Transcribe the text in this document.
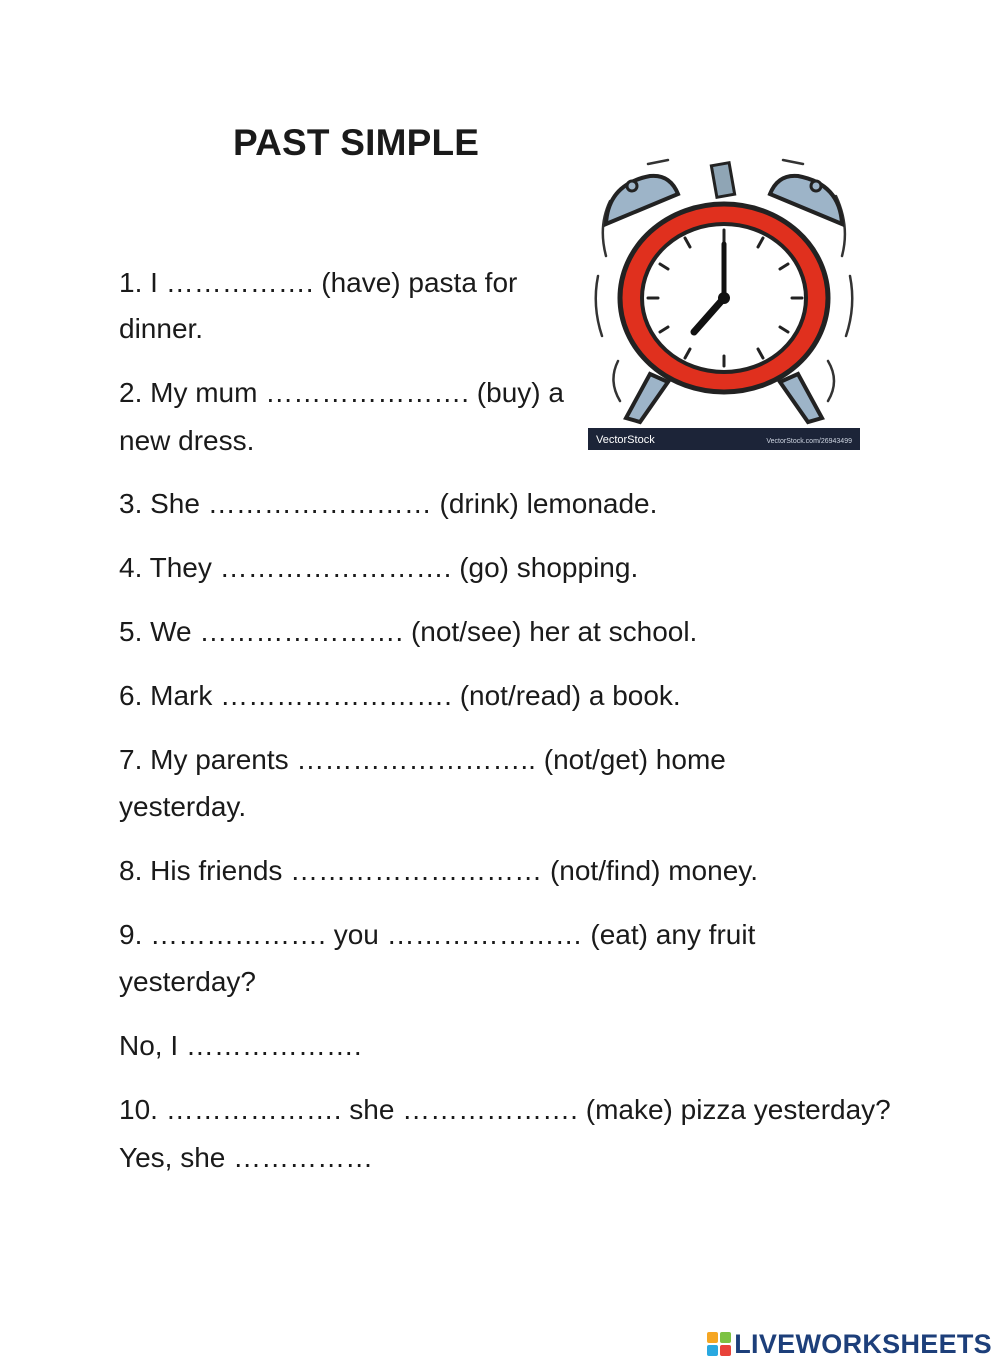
PAST SIMPLE
1. I ……………. (have) pasta for
dinner.
2. My mum …………………. (buy) a
new dress.
3. She …………………… (drink) lemonade.
4. They ……………………. (go) shopping.
5. We …………………. (not/see) her at school.
6. Mark ……………………. (not/read) a book.
7. My parents …………………….. (not/get) home
yesterday.
8. His friends ……………………… (not/find) money.
9. ………………. you ………………… (eat) any fruit
yesterday?
No, I ……………….
10. ………………. she ………………. (make) pizza yesterday?
Yes, she ……………
VectorStock	VectorStock.com/26943499
LIVEWORKSHEETS
